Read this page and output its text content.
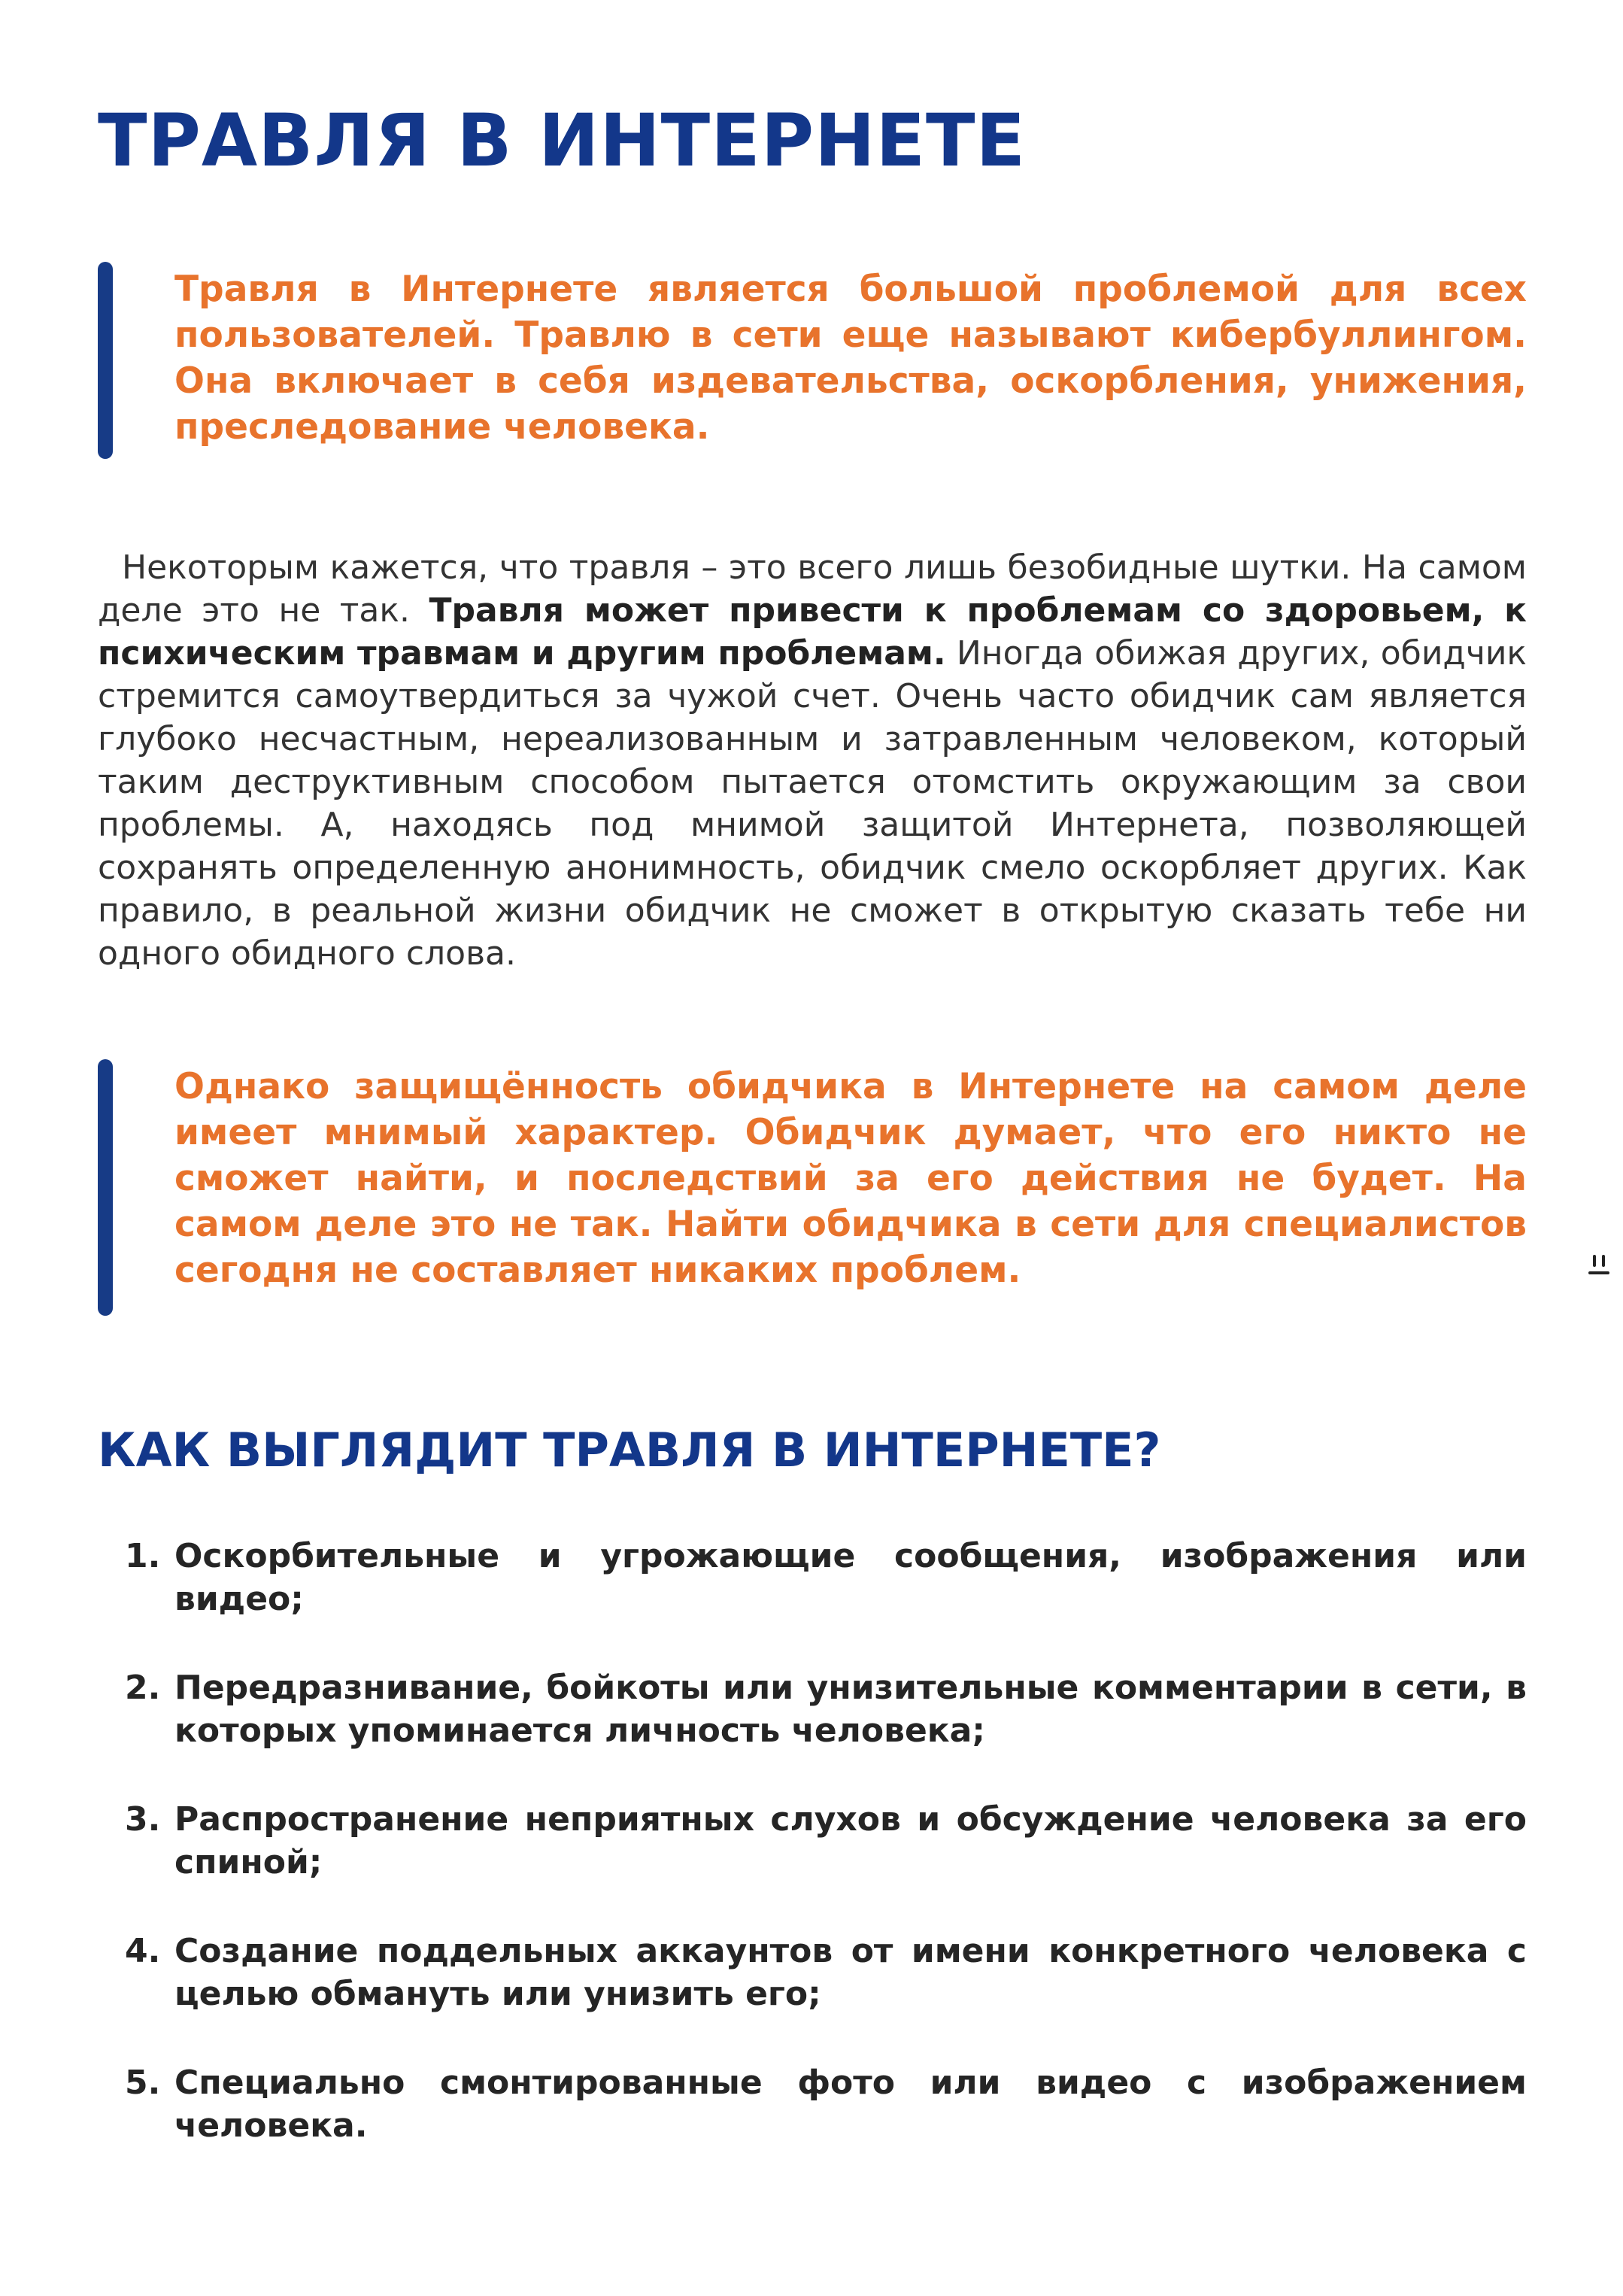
ТРАВЛЯ В ИНТЕРНЕТЕ

Травля в Интернете является большой проблемой для всех пользователей. Травлю в сети еще называют кибербуллингом. Она включает в себя издевательства, оскорбления, унижения, преследование человека.

Некоторым кажется, что травля – это всего лишь безобидные шутки. На самом деле это не так. Травля может привести к проблемам со здоровьем, к психическим травмам и другим проблемам. Иногда обижая других, обидчик стремится самоутвердиться за чужой счет. Очень часто обидчик сам является глубоко несчастным, нереализованным и затравленным человеком, который таким деструктивным способом пытается отомстить окружающим за свои проблемы. А, находясь под мнимой защитой Интернета, позволяющей сохранять определенную анонимность, обидчик смело оскорбляет других. Как правило, в реальной жизни обидчик не сможет в открытую сказать тебе ни одного обидного слова.

Однако защищённость обидчика в Интернете на самом деле имеет мнимый характер. Обидчик думает, что его никто не сможет найти, и последствий за его действия не будет. На самом деле это не так. Найти обидчика в сети для специалистов сегодня не составляет никаких проблем.

КАК ВЫГЛЯДИТ ТРАВЛЯ В ИНТЕРНЕТЕ?
1. Оскорбительные и угрожающие сообщения, изображения или видео;
2. Передразнивание, бойкоты или унизительные комментарии в сети, в которых упоминается личность человека;
3. Распространение неприятных слухов и обсуждение человека за его спиной;
4. Создание поддельных аккаунтов от имени конкретного человека с целью обмануть или унизить его;
5. Специально смонтированные фото или видео с изображением человека.
